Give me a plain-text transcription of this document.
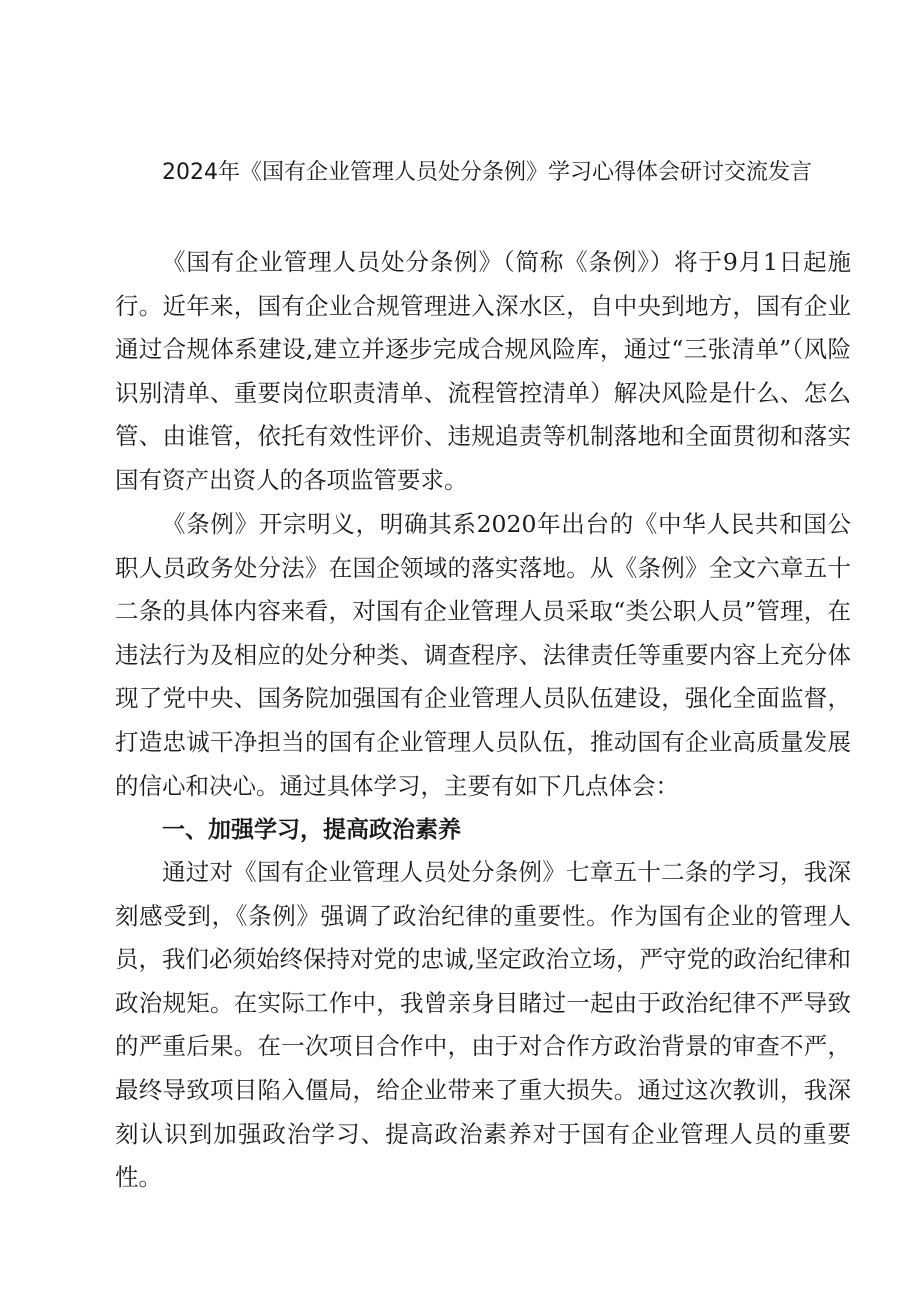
2024年《国有企业管理人员处分条例》学习心得体会研讨交流发言

《国有企业管理人员处分条例》（简称《条例》）将于9月1日起施行。近年来，国有企业合规管理进入深水区，自中央到地方，国有企业通过合规体系建设,建立并逐步完成合规风险库，通过“三张清单”（风险识别清单、重要岗位职责清单、流程管控清单）解决风险是什么、怎么管、由谁管，依托有效性评价、违规追责等机制落地和全面贯彻和落实国有资产出资人的各项监管要求。

《条例》开宗明义，明确其系2020年出台的《中华人民共和国公职人员政务处分法》在国企领域的落实落地。从《条例》全文六章五十二条的具体内容来看，对国有企业管理人员采取“类公职人员”管理，在违法行为及相应的处分种类、调查程序、法律责任等重要内容上充分体现了党中央、国务院加强国有企业管理人员队伍建设，强化全面监督，打造忠诚干净担当的国有企业管理人员队伍，推动国有企业高质量发展的信心和决心。通过具体学习，主要有如下几点体会：

一、加强学习，提高政治素养

通过对《国有企业管理人员处分条例》七章五十二条的学习，我深刻感受到，《条例》强调了政治纪律的重要性。作为国有企业的管理人员，我们必须始终保持对党的忠诚,坚定政治立场，严守党的政治纪律和政治规矩。在实际工作中，我曾亲身目睹过一起由于政治纪律不严导致的严重后果。在一次项目合作中，由于对合作方政治背景的审查不严，最终导致项目陷入僵局，给企业带来了重大损失。通过这次教训，我深刻认识到加强政治学习、提高政治素养对于国有企业管理人员的重要性。
